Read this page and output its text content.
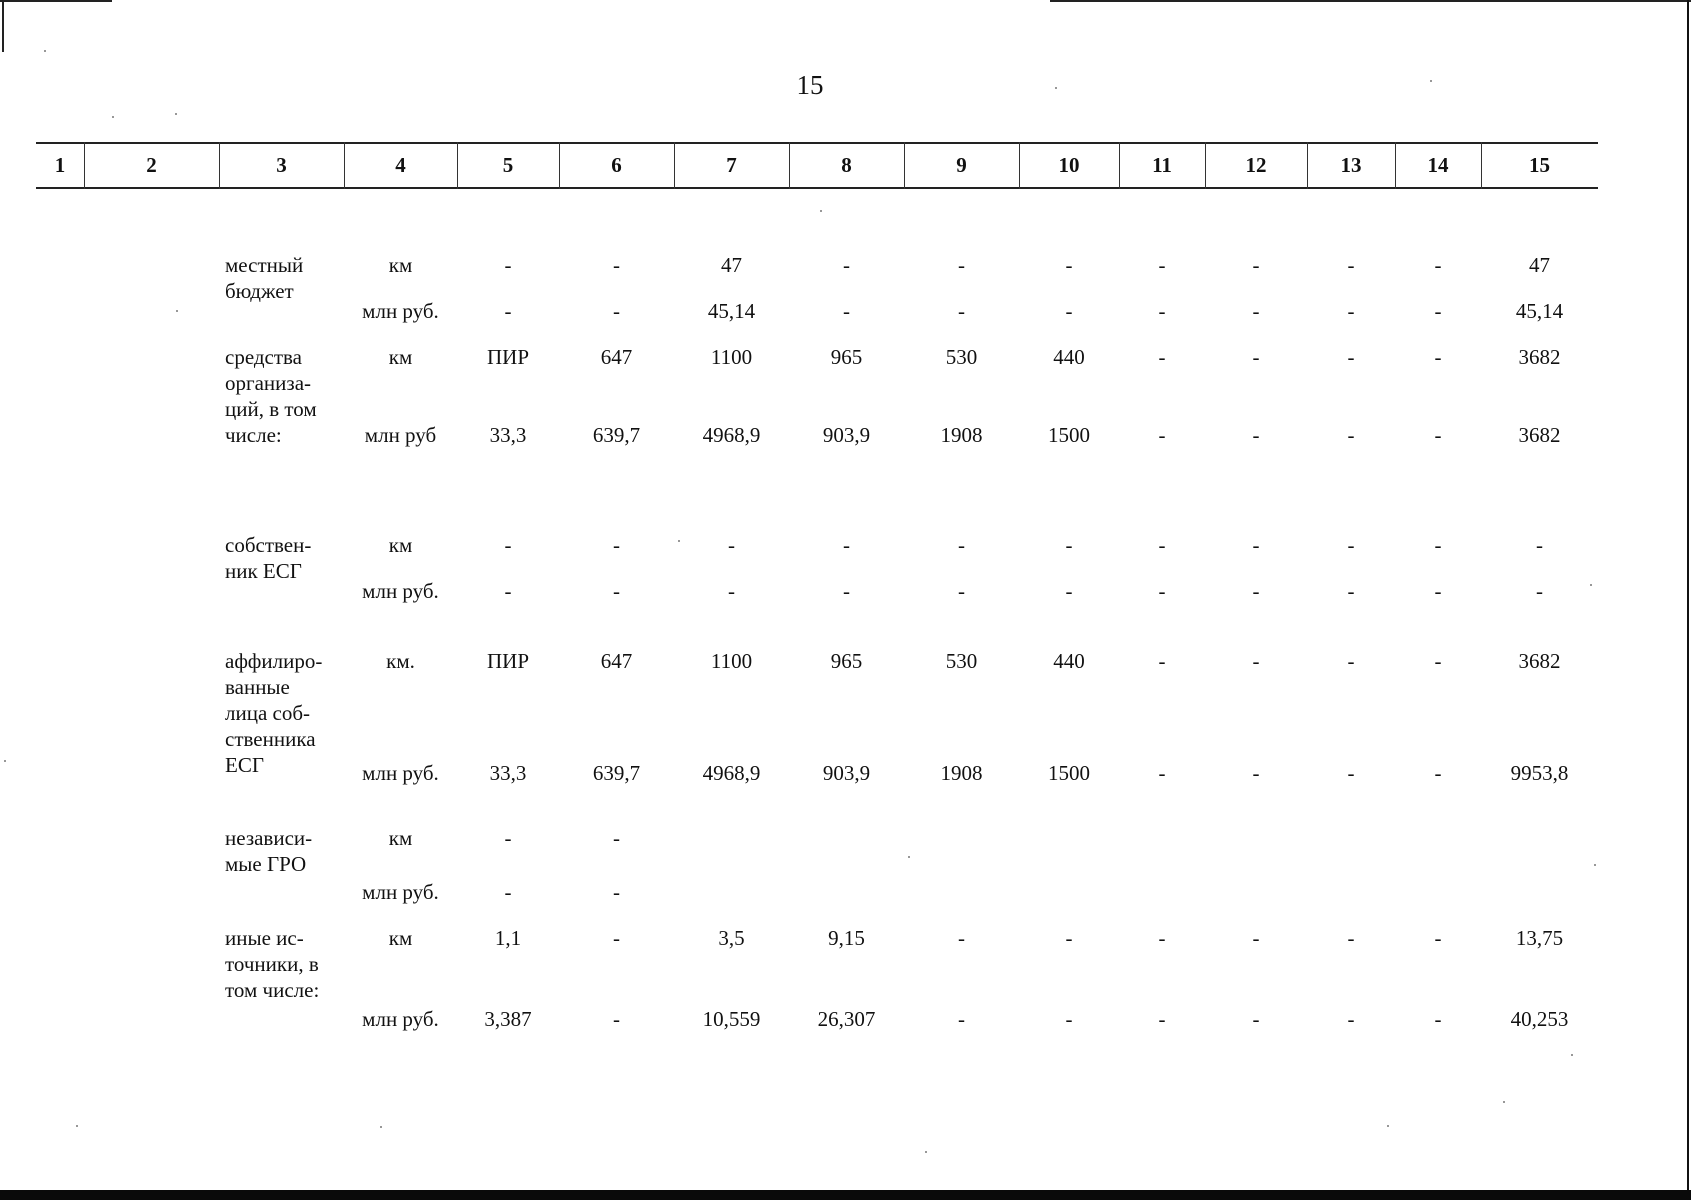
15
1	2	3	4	5	6	7	8	9	10	11	12	13	14	15
местный
бюджет
км	-	-	47	-	-	-	-	-	-	-	47
млн руб.	-	-	45,14	-	-	-	-	-	-	-	45,14
средства
организа-
ций, в том
числе:
км	ПИР	647	1100	965	530	440	-	-	-	-	3682
млн руб	33,3	639,7	4968,9	903,9	1908	1500	-	-	-	-	3682
собствен-
ник ЕСГ
км	-	-	-	-	-	-	-	-	-	-	-
млн руб.	-	-	-	-	-	-	-	-	-	-	-
аффилиро-
ванные
лица соб-
ственника
ЕСГ
км.	ПИР	647	1100	965	530	440	-	-	-	-	3682
млн руб.	33,3	639,7	4968,9	903,9	1908	1500	-	-	-	-	9953,8
независи-
мые ГРО
км	-	-
млн руб.	-	-
иные ис-
точники, в
том числе:
км	1,1	-	3,5	9,15	-	-	-	-	-	-	13,75
млн руб.	3,387	-	10,559	26,307	-	-	-	-	-	-	40,253
